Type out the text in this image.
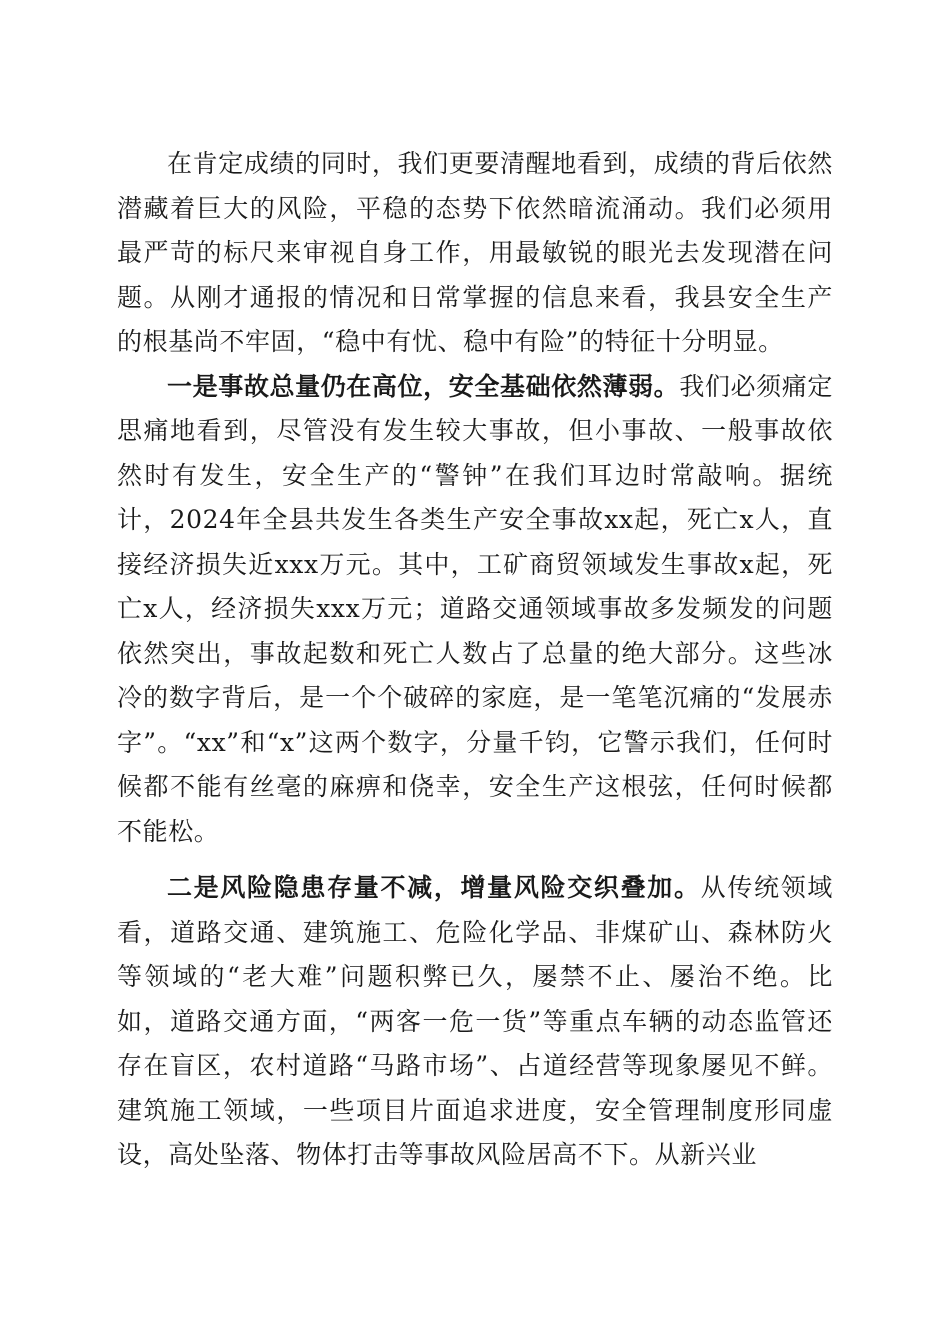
在肯定成绩的同时，我们更要清醒地看到，成绩的背后依然潜藏着巨大的风险，平稳的态势下依然暗流涌动。我们必须用最严苛的标尺来审视自身工作，用最敏锐的眼光去发现潜在问题。从刚才通报的情况和日常掌握的信息来看，我县安全生产的根基尚不牢固，“稳中有忧、稳中有险”的特征十分明显。

一是事故总量仍在高位，安全基础依然薄弱。我们必须痛定思痛地看到，尽管没有发生较大事故，但小事故、一般事故依然时有发生，安全生产的“警钟”在我们耳边时常敲响。据统计，2024年全县共发生各类生产安全事故xx起，死亡x人，直接经济损失近xxx万元。其中，工矿商贸领域发生事故x起，死亡x人，经济损失xxx万元；道路交通领域事故多发频发的问题依然突出，事故起数和死亡人数占了总量的绝大部分。这些冰冷的数字背后，是一个个破碎的家庭，是一笔笔沉痛的“发展赤字”。“xx”和“x”这两个数字，分量千钧，它警示我们，任何时候都不能有丝毫的麻痹和侥幸，安全生产这根弦，任何时候都不能松。

二是风险隐患存量不减，增量风险交织叠加。从传统领域看，道路交通、建筑施工、危险化学品、非煤矿山、森林防火等领域的“老大难”问题积弊已久，屡禁不止、屡治不绝。比如，道路交通方面，“两客一危一货”等重点车辆的动态监管还存在盲区，农村道路“马路市场”、占道经营等现象屡见不鲜。建筑施工领域，一些项目片面追求进度，安全管理制度形同虚设，高处坠落、物体打击等事故风险居高不下。从新兴业
